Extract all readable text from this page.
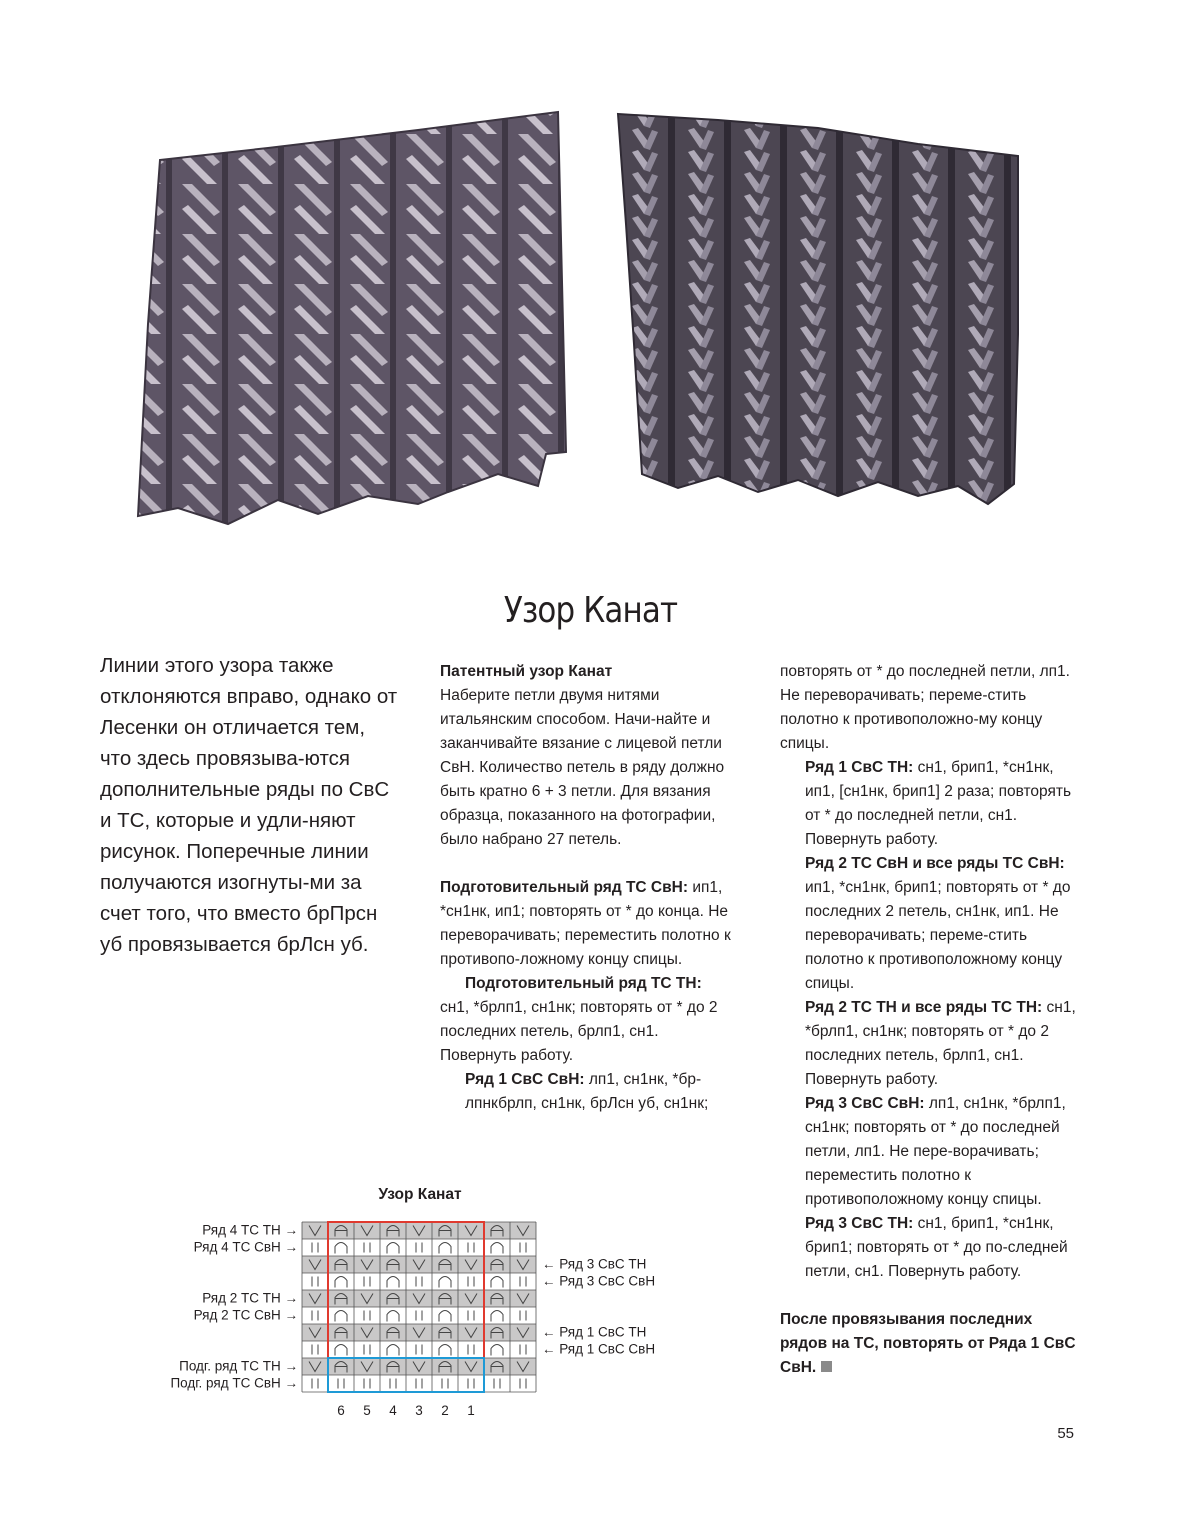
Узор Канат
Линии этого узора также отклоняются вправо, однако от Лесенки он отличается тем, что здесь провязыва-ются дополнительные ряды по СвС и ТС, которые и удли-няют рисунок. Поперечные линии получаются изогнуты-ми за счет того, что вместо брПрсн уб провязывается брЛсн уб.

Патентный узор Канат

Наберите петли двумя нитями итальянским способом. Начи-найте и заканчивайте вязание с лицевой петли СвН. Количество петель в ряду должно быть кратно 6 + 3 петли. Для вязания образца, показанного на фотографии, было набрано 27 петель.

Подготовительный ряд ТС СвН: ип1, *сн1нк, ип1; повторять от * до конца. Не переворачивать; переместить полотно к противопо-ложному концу спицы.

Подготовительный ряд ТС ТН:

сн1, *брлп1, сн1нк; повторять от * до 2 последних петель, брлп1, сн1. Повернуть работу.

Ряд 1 СвС СвН: лп1, сн1нк, *бр-лпнкбрлп, сн1нк, брЛсн уб, сн1нк;

повторять от * до последней петли, лп1. Не переворачивать; переме-стить полотно к противоположно-му концу спицы.

Ряд 1 СвС ТН: сн1, брип1, *сн1нк, ип1, [сн1нк, брип1] 2 раза; повторять от * до последней петли, сн1. Повернуть работу.

Ряд 2 ТС СвН и все ряды ТС СвН: ип1, *сн1нк, брип1; повторять от * до последних 2 петель, сн1нк, ип1. Не переворачивать; переме-стить полотно к противоположному концу спицы.

Ряд 2 ТС ТН и все ряды ТС ТН: сн1, *брлп1, сн1нк; повторять от * до 2 последних петель, брлп1, сн1. Повернуть работу.

Ряд 3 СвС СвН: лп1, сн1нк, *брлп1, сн1нк; повторять от * до последней петли, лп1. Не пере-ворачивать; переместить полотно к противоположному концу спицы.

Ряд 3 СвС ТН: сн1, брип1, *сн1нк, брип1; повторять от * до по-следней петли, сн1. Повернуть работу.

После провязывания последних рядов на ТС, повторять от Ряда 1 СвС СвН.

Узор Канат
Ряд 4 ТС ТН →
Ряд 4 ТС СвН →
Ряд 2 ТС ТН →
Ряд 2 ТС СвН →
Подг. ряд ТС ТН →
Подг. ряд ТС СвН →
← Ряд 3 СвС ТН
← Ряд 3 СвС СвН
← Ряд 1 СвС ТН
← Ряд 1 СвС СвН
6 5 4 3 2 1
55
